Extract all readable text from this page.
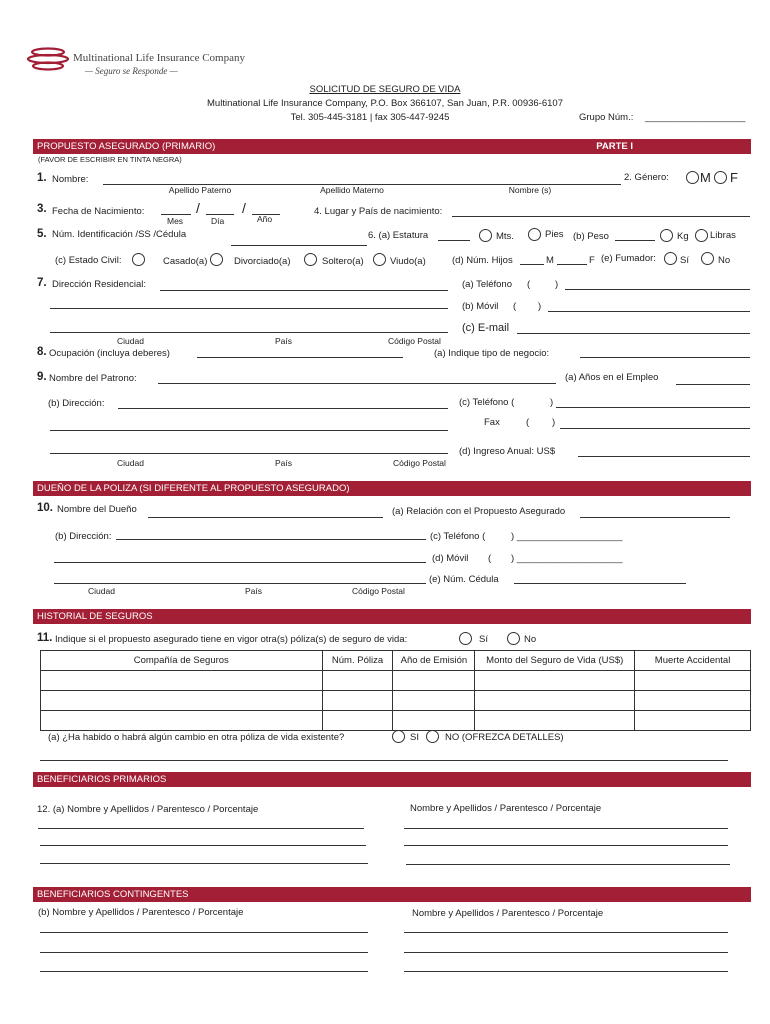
Multinational Life Insurance Company
— Seguro se Responde —
SOLICITUD DE SEGURO DE VIDA
Multinational Life Insurance Company, P.O. Box 366107, San Juan, P.R. 00936-6107
Tel. 305-445-3181 | fax 305-447-9245	Grupo Núm.: ___________________
PROPUESTO ASEGURADO (PRIMARIO)	PARTE I
(FAVOR DE ESCRIBIR EN TINTA NEGRA)
1. Nombre:
Apellido Paterno	Apellido Materno	Nombre (s)
2. Género: M F
3. Fecha de Nacimiento:	/	/
Mes	Día	Año
4. Lugar y País de nacimiento:
5. Núm. Identificación /SS /Cédula	6. (a) Estatura	Mts.	Pies (b) Peso	Kg Libras
(c) Estado Civil:	Casado(a)	Divorciado(a)	Soltero(a)	Viudo(a)	(d) Núm. Hijos	M	F (e) Fumador:	Sí	No
7. Dirección Residencial:
Ciudad	País	Código Postal
(a) Teléfono (	)
(b) Móvil ( )
(c) E-mail
8. Ocupación (incluya deberes)	(a) Indique tipo de negocio:
9. Nombre del Patrono:	(a) Años en el Empleo
(b) Dirección:
Ciudad	País	Código Postal
(c) Teléfono (	)
Fax	( )
(d) Ingreso Anual: US$
DUEÑO DE LA POLIZA (SI DIFERENTE AL PROPUESTO ASEGURADO)
10. Nombre del Dueño	(a) Relación con el Propuesto Asegurado
(b) Dirección:
Ciudad	País	Código Postal
(c) Teléfono (	) ____________________
(d) Móvil ( ) ____________________
(e) Núm. Cédula
HISTORIAL DE SEGUROS
11. Indique si el propuesto asegurado tiene en vigor otra(s) póliza(s) de seguro de vida:	Sí	No
Compañía de Seguros	Núm. Póliza	Año de Emisión	Monto del Seguro de Vida (US$)	Muerte Accidental

(a) ¿Ha habido o habrá algún cambio en otra póliza de vida existente?	SI	NO (OFREZCA DETALLES)
BENEFICIARIOS PRIMARIOS
12. (a) Nombre y Apellidos / Parentesco / Porcentaje	Nombre y Apellidos / Parentesco / Porcentaje
BENEFICIARIOS CONTINGENTES
(b) Nombre y Apellidos / Parentesco / Porcentaje	Nombre y Apellidos / Parentesco / Porcentaje
